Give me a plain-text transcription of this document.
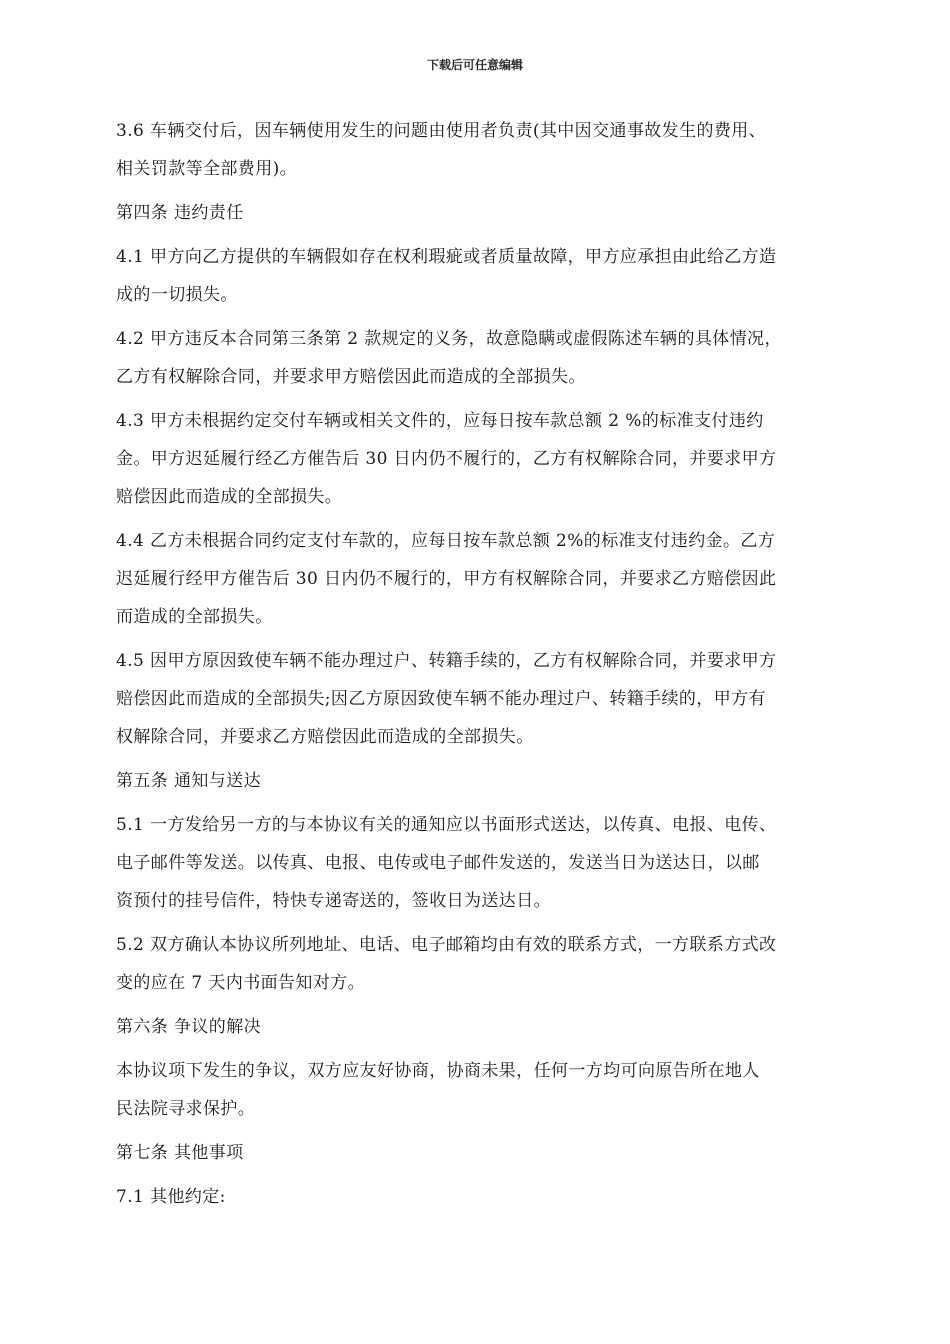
下载后可任意编辑
3.6 车辆交付后，因车辆使用发生的问题由使用者负责(其中因交通事故发生的费用、
相关罚款等全部费用)。
第四条 违约责任
4.1 甲方向乙方提供的车辆假如存在权利瑕疵或者质量故障，甲方应承担由此给乙方造
成的一切损失。
4.2 甲方违反本合同第三条第 2 款规定的义务，故意隐瞒或虚假陈述车辆的具体情况，
乙方有权解除合同，并要求甲方赔偿因此而造成的全部损失。
4.3 甲方未根据约定交付车辆或相关文件的，应每日按车款总额 2 %的标准支付违约
金。甲方迟延履行经乙方催告后 30 日内仍不履行的，乙方有权解除合同，并要求甲方
赔偿因此而造成的全部损失。
4.4 乙方未根据合同约定支付车款的，应每日按车款总额 2%的标准支付违约金。乙方
迟延履行经甲方催告后 30 日内仍不履行的，甲方有权解除合同，并要求乙方赔偿因此
而造成的全部损失。
4.5 因甲方原因致使车辆不能办理过户、转籍手续的，乙方有权解除合同，并要求甲方
赔偿因此而造成的全部损失;因乙方原因致使车辆不能办理过户、转籍手续的，甲方有
权解除合同，并要求乙方赔偿因此而造成的全部损失。
第五条 通知与送达
5.1 一方发给另一方的与本协议有关的通知应以书面形式送达，以传真、电报、电传、
电子邮件等发送。以传真、电报、电传或电子邮件发送的，发送当日为送达日，以邮
资预付的挂号信件，特快专递寄送的，签收日为送达日。
5.2 双方确认本协议所列地址、电话、电子邮箱均由有效的联系方式，一方联系方式改
变的应在 7 天内书面告知对方。
第六条 争议的解决
本协议项下发生的争议，双方应友好协商，协商未果，任何一方均可向原告所在地人
民法院寻求保护。
第七条 其他事项
7.1 其他约定:
